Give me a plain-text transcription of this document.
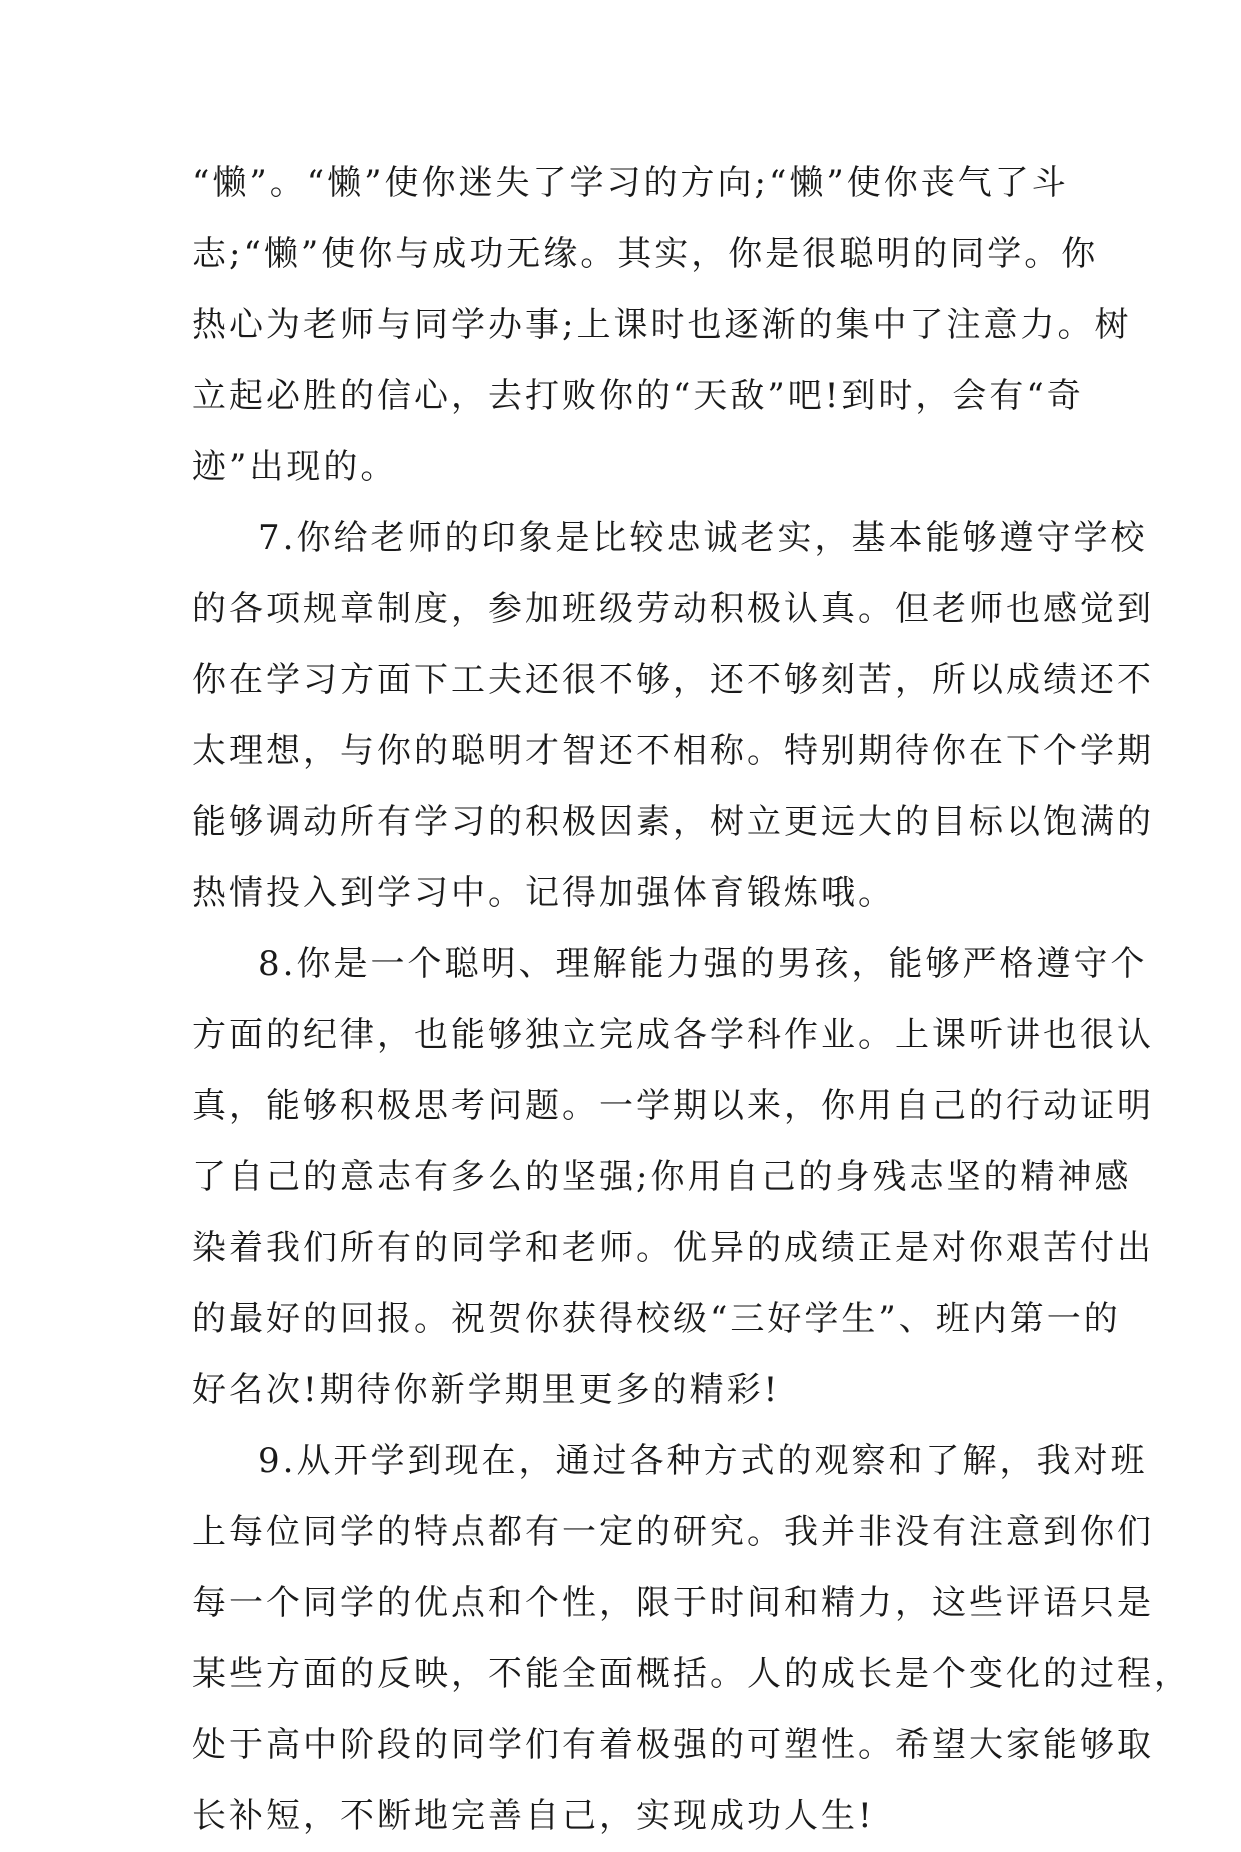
“懒”。“懒”使你迷失了学习的方向;“懒”使你丧气了斗
志;“懒”使你与成功无缘。其实，你是很聪明的同学。你
热心为老师与同学办事;上课时也逐渐的集中了注意力。树
立起必胜的信心，去打败你的“天敌”吧!到时，会有“奇
迹”出现的。
7.你给老师的印象是比较忠诚老实，基本能够遵守学校
的各项规章制度，参加班级劳动积极认真。但老师也感觉到
你在学习方面下工夫还很不够，还不够刻苦，所以成绩还不
太理想，与你的聪明才智还不相称。特别期待你在下个学期
能够调动所有学习的积极因素，树立更远大的目标以饱满的
热情投入到学习中。记得加强体育锻炼哦。
8.你是一个聪明、理解能力强的男孩，能够严格遵守个
方面的纪律，也能够独立完成各学科作业。上课听讲也很认
真，能够积极思考问题。一学期以来，你用自己的行动证明
了自己的意志有多么的坚强;你用自己的身残志坚的精神感
染着我们所有的同学和老师。优异的成绩正是对你艰苦付出
的最好的回报。祝贺你获得校级“三好学生”、班内第一的
好名次!期待你新学期里更多的精彩!
9.从开学到现在，通过各种方式的观察和了解，我对班
上每位同学的特点都有一定的研究。我并非没有注意到你们
每一个同学的优点和个性，限于时间和精力，这些评语只是
某些方面的反映，不能全面概括。人的成长是个变化的过程，
处于高中阶段的同学们有着极强的可塑性。希望大家能够取
长补短，不断地完善自己，实现成功人生!
